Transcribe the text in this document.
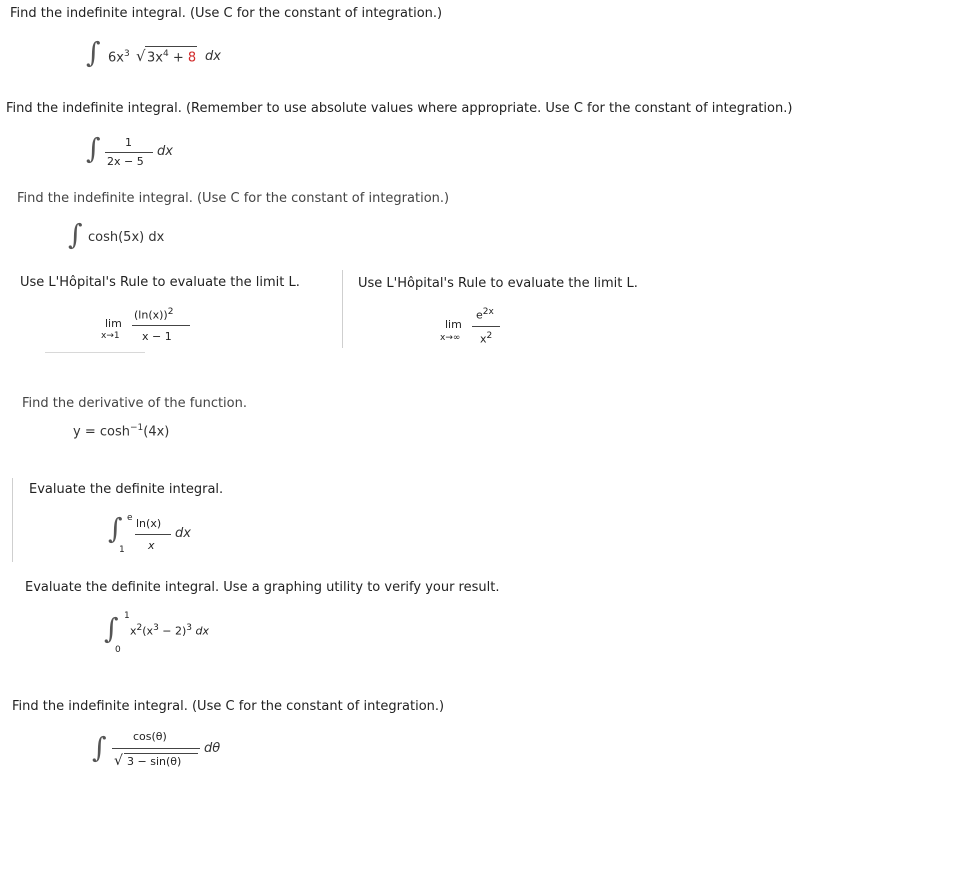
Find the indefinite integral. (Use C for the constant of integration.)
∫ $6x^3$ √ $3x^4 + 8$ dx
Find the indefinite integral. (Remember to use absolute values where appropriate. Use C for the constant of integration.)
∫ 1
2x − 5
dx
Find the indefinite integral. (Use C for the constant of integration.)
∫ cosh(5x) dx
Use L'Hôpital's Rule to evaluate the limit L.
lim
x→1
$(\ln(x))^2$
x − 1
Use L'Hôpital's Rule to evaluate the limit L.
lim
x→∞
$e^{2x}$
$x^2$
Find the derivative of the function.
$y = \cosh^{-1}(4x)$
Evaluate the definite integral.
∫ e
1
ln(x)
x
dx
Evaluate the definite integral. Use a graphing utility to verify your result.
∫ 1
0
$x^2(x^3 - 2)^3$ dx
Find the indefinite integral. (Use C for the constant of integration.)
∫ cos(θ)
√ 3 − sin(θ)
dθ
